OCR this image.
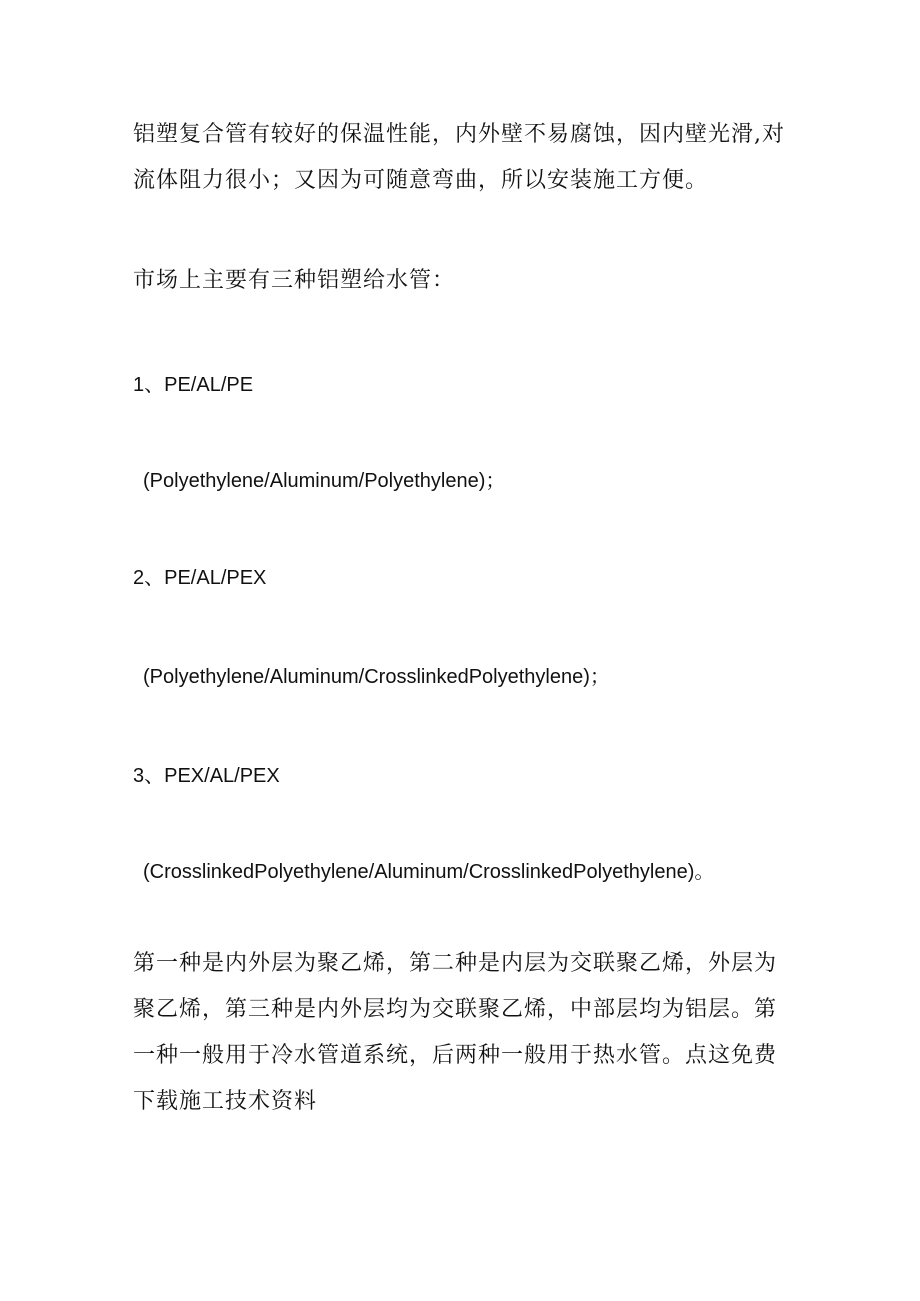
铝塑复合管有较好的保温性能，内外壁不易腐蚀，因内壁光滑,对流体阻力很小；又因为可随意弯曲，所以安装施工方便。

市场上主要有三种铝塑给水管：

1、PE/AL/PE

(Polyethylene/Aluminum/Polyethylene)；

2、PE/AL/PEX

(Polyethylene/Aluminum/CrosslinkedPolyethylene)；

3、PEX/AL/PEX

(CrosslinkedPolyethylene/Aluminum/CrosslinkedPolyethylene)。

第一种是内外层为聚乙烯，第二种是内层为交联聚乙烯，外层为聚乙烯，第三种是内外层均为交联聚乙烯，中部层均为铝层。第一种一般用于冷水管道系统，后两种一般用于热水管。点这免费下载施工技术资料
